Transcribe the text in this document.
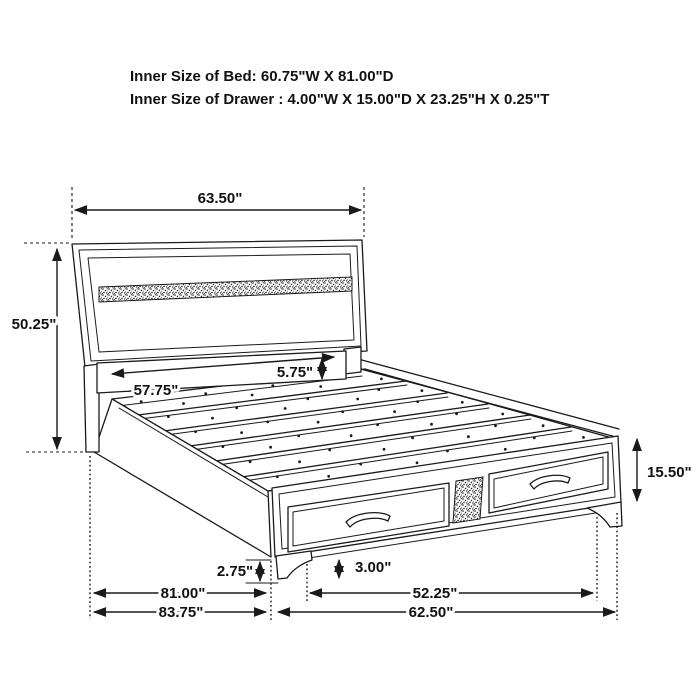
Inner Size of Bed: 60.75"W X 81.00"D
Inner Size of Drawer : 4.00"W X 15.00"D X 23.25"H X 0.25"T
63.50"
50.25"
57.75"
5.75"
15.50"
2.75"	3.00"
81.00"	52.25"
83.75"	62.50"
